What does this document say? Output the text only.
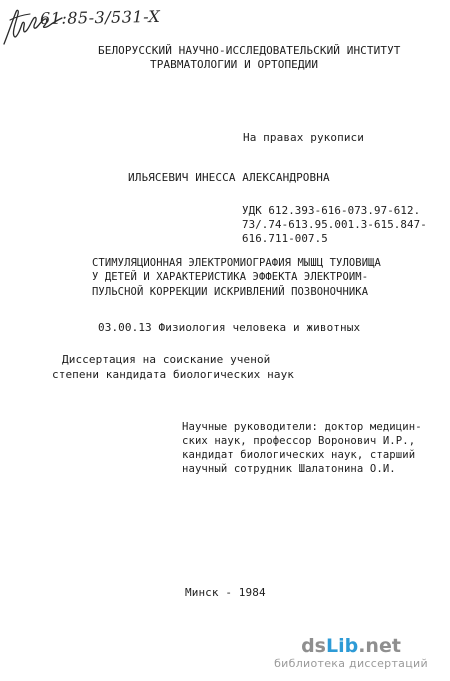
61:85-3/531-X
БЕЛОРУССКИЙ НАУЧНО-ИССЛЕДОВАТЕЛЬСКИЙ ИНСТИТУТ
ТРАВМАТОЛОГИИ И ОРТОПЕДИИ
На правах рукописи
ИЛЬЯСЕВИЧ ИНЕССА АЛЕКСАНДРОВНА
УДК 612.393-616-073.97-612.
73/.74-613.95.001.3-615.847-
616.711-007.5
СТИМУЛЯЦИОННАЯ ЭЛЕКТРОМИОГРАФИЯ МЫШЦ ТУЛОВИЩА
У ДЕТЕЙ И ХАРАКТЕРИСТИКА ЭФФЕКТА ЭЛЕКТРОИМ-
ПУЛЬСНОЙ КОРРЕКЦИИ ИСКРИВЛЕНИЙ ПОЗВОНОЧНИКА
03.00.13 Физиология человека и животных
Диссертация на соискание ученой
степени кандидата биологических наук
Научные руководители: доктор медицин-
ских наук, профессор Воронович И.Р.,
кандидат биологических наук, старший
научный сотрудник Шалатонина О.И.
Минск - 1984
dsLib.net
библиотека диссертаций
